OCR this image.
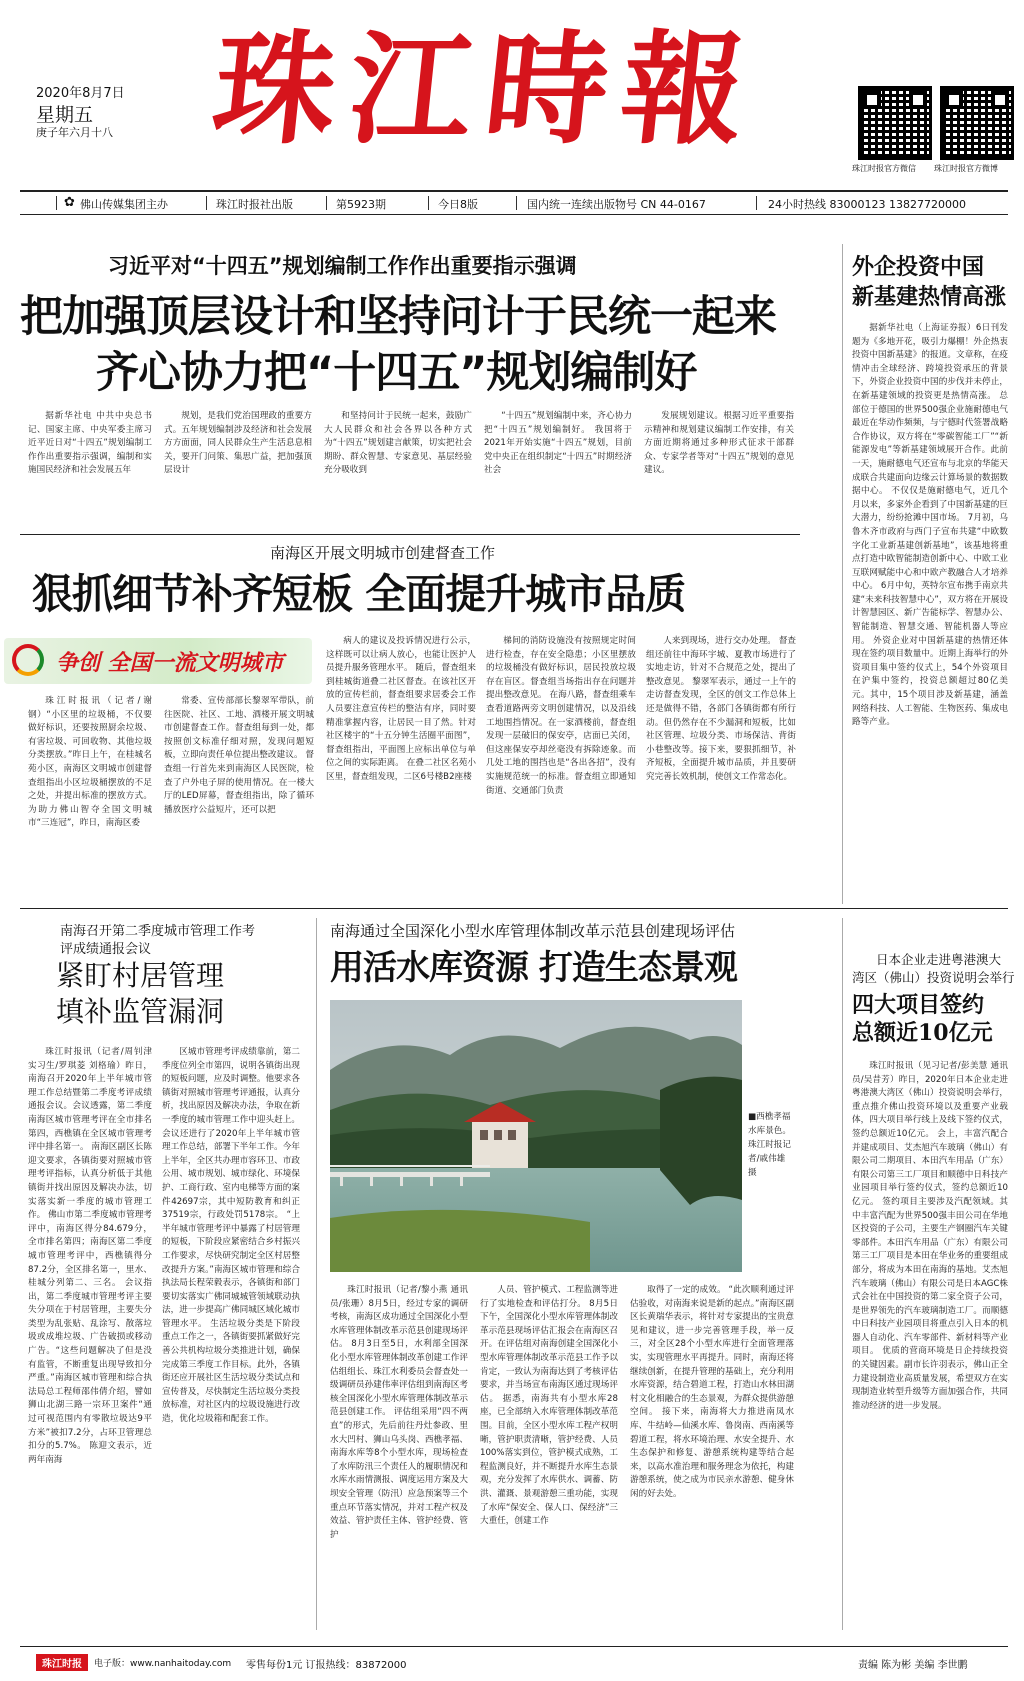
2020年8月7日
星期五
庚子年六月十八 珠江時報
珠江时报官方微信 珠江时报官方微博
✿ 佛山传媒集团主办	珠江时报社出版	第5923期	今日8版	国内统一连续出版物号 CN 44-0167	24小时热线 83000123 13827720000
习近平对“十四五”规划编制工作作出重要指示强调
把加强顶层设计和坚持问计于民统一起来
齐心协力把“十四五”规划编制好

据新华社电 中共中央总书记、国家主席、中央军委主席习近平近日对“十四五”规划编制工作作出重要指示强调，编制和实施国民经济和社会发展五年

规划，是我们党治国理政的重要方式。五年规划编制涉及经济和社会发展方方面面，同人民群众生产生活息息相关，要开门问策、集思广益，把加强顶层设计

和坚持问计于民统一起来，鼓励广大人民群众和社会各界以各种方式为“十四五”规划建言献策，切实把社会期盼、群众智慧、专家意见、基层经验充分吸收到

“十四五”规划编制中来，齐心协力把“十四五”规划编制好。 我国将于2021年开始实施“十四五”规划，目前党中央正在组织制定“十四五”时期经济社会

发展规划建议。根据习近平重要指示精神和规划建议编制工作安排，有关方面近期将通过多种形式征求干部群众、专家学者等对“十四五”规划的意见建议。

南海区开展文明城市创建督查工作
狠抓细节补齐短板 全面提升城市品质
争创 全国一流文明城市

珠江时报讯（记者/谢钢）“小区里的垃圾桶，不仅要做好标识，还要按照厨余垃圾、有害垃圾、可回收物、其他垃圾分类摆放。”昨日上午，在桂城名苑小区，南海区文明城市创建督查组指出小区垃圾桶摆放的不足之处，并提出标准的摆放方式。 为助力佛山智夺全国文明城市“三连冠”，昨日，南海区委

常委、宣传部部长黎翠军带队，前往医院、社区、工地、酒楼开展文明城市创建督查工作。督查组每到一处，都按照创文标准仔细对照，发现问题短板，立即向责任单位提出整改建议。 督查组一行首先来到南海区人民医院，检查了户外电子屏的使用情况。在一楼大厅的LED屏幕，督查组指出，除了循环播放医疗公益短片，还可以把

病人的建议及投诉情况进行公示，这样既可以让病人放心，也能让医护人员提升服务管理水平。 随后，督查组来到桂城街道叠二社区督查。在该社区开放的宣传栏前，督查组要求居委会工作人员要注意宣传栏的整洁有序，同时要精准掌握内容，让居民一目了然。针对社区楼宇的“十五分钟生活圈平面图”，督查组指出，平面图上应标出单位与单位之间的实际距离。 在叠二社区名苑小区里，督查组发现，二区6号楼B2座楼

梯间的消防设施没有按照规定时间进行检查，存在安全隐患；小区里摆放的垃圾桶没有做好标识，居民投放垃圾存在盲区。督查组当场指出存在问题并提出整改意见。 在海八路，督查组乘车查看道路两旁文明创建情况，以及沿线工地围挡情况。在一家酒楼前，督查组发现一层破旧的保安亭，店面已关闭，但这座保安亭却丝毫没有拆除迹象。而几处工地的围挡也是“各出各招”，没有实施规范统一的标准。督查组立即通知街道、交通部门负责

人来到现场，进行交办处理。 督查组还前往中海环宇城、夏教市场进行了实地走访，针对不合规范之处，提出了整改意见。 黎翠军表示，通过一上午的走访督查发现，全区的创文工作总体上还是做得不错，各部门各镇街都有所行动。但仍然存在不少漏洞和短板，比如社区管理、垃圾分类、市场保洁、背街小巷整改等。接下来，要狠抓细节，补齐短板，全面提升城市品质，并且要研究完善长效机制，使创文工作常态化。

外企投资中国
新基建热情高涨

据新华社电（上海证券报）6日刊发题为《多地开花，吸引力爆棚！外企热衷投资中国新基建》的报道。文章称，在疫情冲击全球经济、跨境投资承压的背景下，外资企业投资中国的步伐并未停止，在新基建领域的投资更是热情高涨。 总部位于德国的世界500强企业施耐德电气最近在华动作频频，与宁德时代签署战略合作协议，双方将在“零碳智能工厂”“新能源发电”等新基建领域展开合作。此前一天，施耐德电气还宣布与北京的华能天成联合共建面向边缘云计算场景的数据数据中心。 不仅仅是施耐德电气，近几个月以来，多家外企看到了中国新基建的巨大潜力，纷纷抢滩中国市场。 7月初，乌鲁木齐市政府与西门子宣布共建“中欧数字化工业新基建创新基地”，该基地将重点打造中欧智能制造创新中心、中欧工业互联网赋能中心和中欧产教融合人才培养中心。 6月中旬，英特尔宣布携手南京共建“未来科技智慧中心”，双方将在开展设计智慧园区、新广告能标学、智慧办公、智能制造、智慧交通、智能机器人等应用。 外资企业对中国新基建的热情还体现在签约项目数量中。近期上海举行的外资项目集中签约仪式上，54个外资项目在沪集中签约，投资总额超过80亿美元。其中，15个项目涉及新基建，涵盖网络科技、人工智能、生物医药、集成电路等产业。

南海召开第二季度城市管理工作考
评成绩通报会议
紧盯村居管理
填补监管漏洞

珠江时报讯（记者/周钊津 实习生/罗琪菱 刘格瑜）昨日，南海召开2020年上半年城市管理工作总结暨第二季度考评成绩通报会议。会议透露，第二季度南海区城市管理考评在全市排名第四，西樵镇在全区城市管理考评中排名第一。 南海区副区长陈迎文要求，各镇街要对照城市管理考评指标，认真分析低于其他镇街并找出原因及解决办法，切实落实新一季度的城市管理工作。 佛山市第二季度城市管理考评中，南海区得分84.679分，全市排名第四；南海区第二季度城市管理考评中，西樵镇得分87.2分，全区排名第一，里水、桂城分列第二、三名。 会议指出，第二季度城市管理考评主要失分项在于村居管理，主要失分类型为乱张贴、乱涂写、散落垃圾或成堆垃圾、广告破损或移动广告。“这些问题解决了但是没有监管，不断重复出现导致扣分严重。”南海区城市管理和综合执法局总工程师邵伟倩介绍，譬如狮山北湖三路一宗环卫案件“通过可视范围内有零散垃圾达9平方米”被扣7.2分，占环卫管理总扣分的5.7%。 陈迎文表示，近两年南海

区城市管理考评成绩靠前，第二季度位列全市第四，说明各镇街出现的短板问题，应及时调整。他要求各镇街对照城市管理考评通报，认真分析，找出原因及解决办法，争取在新一季度的城市管理工作中迎头赶上。 会议还进行了2020年上半年城市管理工作总结，部署下半年工作。今年上半年，全区共办理市容环卫、市政公用、城市规划、城市绿化、环境保护、工商行政、室内电梯等方面的案件42697宗，其中短防教育和纠正37519宗，行政处罚5178宗。 “上半年城市管理考评中暴露了村居管理的短板，下阶段应紧密结合乡村振兴工作要求，尽快研究制定全区村居整改提升方案。”南海区城市管理和综合执法局长程荣毅表示，各镇街和部门要切实落实广佛同城城管领域联动执法，进一步提高广佛同城区域化城市管理水平。 生活垃圾分类是下阶段重点工作之一，各镇街要抓紧做好完善公共机构垃圾分类推进计划，确保完成第三季度工作目标。此外，各镇街还应开展社区生活垃圾分类试点和宣传普及，尽快制定生活垃圾分类投放标准，对社区内的垃圾设施进行改造，优化垃圾箱和配套工作。

南海通过全国深化小型水库管理体制改革示范县创建现场评估
用活水库资源 打造生态景观
■西樵孝福水库景色。 珠江时报记者/戚伟雄 摄

珠江时报讯（记者/黎小燕 通讯员/张珊）8月5日，经过专家的调研考核，南海区成功通过全国深化小型水库管理体制改革示范县创建现场评估。 8月3日至5日，水利部全国深化小型水库管理体制改革创建工作评估组组长、珠江水利委员会督查处一级调研员孙建伟率评估组到南海区考核全国深化小型水库管理体制改革示范县创建工作。 评估组采用“四不两直”的形式，先后前往丹灶参政、里水大凹村、狮山乌头岗、西樵孝福、南海水库等8个小型水库，现场检查了水库防汛三个责任人的履职情况和水库水雨情测报、调度运用方案及大坝安全管理（防汛）应急预案等三个重点环节落实情况，并对工程产权及效益、管护责任主体、管护经费、管护

人员、管护模式、工程监测等进行了实地检查和评估打分。 8月5日下午，全国深化小型水库管理体制改革示范县现场评估汇报会在南海区召开。在评估组对南海创建全国深化小型水库管理体制改革示范县工作予以肯定，一致认为南海达到了考核评估要求，并当场宣布南海区通过现场评估。 据悉，南海共有小型水库28座，已全部纳入水库管理体制改革范围。目前，全区小型水库工程产权明晰，管护职责清晰，管护经费、人员100%落实到位，管护模式成熟，工程监测良好，并不断提升水库生态景观，充分发挥了水库供水、调蓄、防洪、灌溉、景观游憩三重功能，实现了水库“保安全、保人口、保经济”三大重任，创建工作

取得了一定的成效。 “此次顺利通过评估验收，对南海来说是新的起点。”南海区副区长黄瑞华表示，将针对专家提出的宝贵意见和建议，进一步完善管理手段，举一反三，对全区28个小型水库进行全面管理落实，实现管理水平再提升。同时，南海还将继续创新，在提升管理的基础上，充分利用水库资源，结合碧道工程，打造山水林田湖村文化相融合的生态景观，为群众提供游憩空间。 接下来，南海将大力推进南凤水库、牛结岭—仙溪水库、鲁岗南、西南溪等碧道工程，将水环境治理、水安全提升、水生态保护和修复、游憩系统构建等结合起来，以高水准治理和服务理念为依托，构建游憩系统，使之成为市民亲水游憩、健身休闲的好去处。

日本企业走进粤港澳大
湾区（佛山）投资说明会举行
四大项目签约
总额近10亿元

珠江时报讯（见习记者/彭美慧 通讯员/吴昔芳）昨日，2020年日本企业走进粤港澳大湾区（佛山）投资说明会举行，重点推介佛山投资环境以及重要产业载体，四大项目举行线上及线下签约仪式，签约总额近10亿元。 会上，丰富汽配合并建成项目、艾杰旭汽车玻璃（佛山）有限公司二期项目、本田汽车用品（广东）有限公司第三工厂项目和顺德中日科技产业园项目举行签约仪式，签约总额近10亿元。 签约项目主要涉及汽配领域。其中丰富汽配为世界500强丰田公司在华地区投资的子公司，主要生产钢圈汽车关键零部件。本田汽车用品（广东）有限公司第三工厂项目是本田在华业务的重要组成部分，将成为本田在南海的基地。艾杰旭汽车玻璃（佛山）有限公司是日本AGC株式会社在中国投资的第二家全资子公司，是世界领先的汽车玻璃制造工厂。而顺德中日科技产业园项目将重点引入日本的机器人自动化、汽车零部件、新材料等产业项目。 优质的营商环境是日企持续投资的关键因素。副市长许羽表示，佛山正全力建设制造业高质量发展，希望双方在实现制造业转型升级等方面加强合作，共同推动经济的进一步发展。

珠江时报	电子版：www.nanhaitoday.com 零售每份1元 订报热线：83872000	责编 陈为彬 美编 李世鹏
